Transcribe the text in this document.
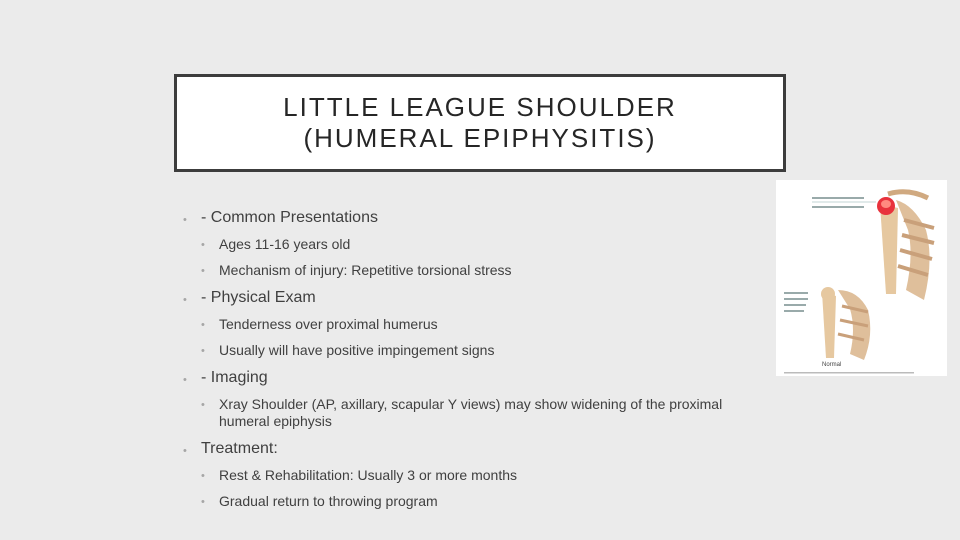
LITTLE LEAGUE SHOULDER
(HUMERAL EPIPHYSITIS)
• - Common Presentations
• Ages 11-16 years old
• Mechanism of injury: Repetitive torsional stress
• - Physical Exam
• Tenderness over proximal humerus
• Usually will have positive impingement signs
• - Imaging
• Xray Shoulder (AP, axillary, scapular Y views) may show widening of the proximal humeral epiphysis
• Treatment:
• Rest & Rehabilitation: Usually 3 or more months
• Gradual return to throwing program
Normal
